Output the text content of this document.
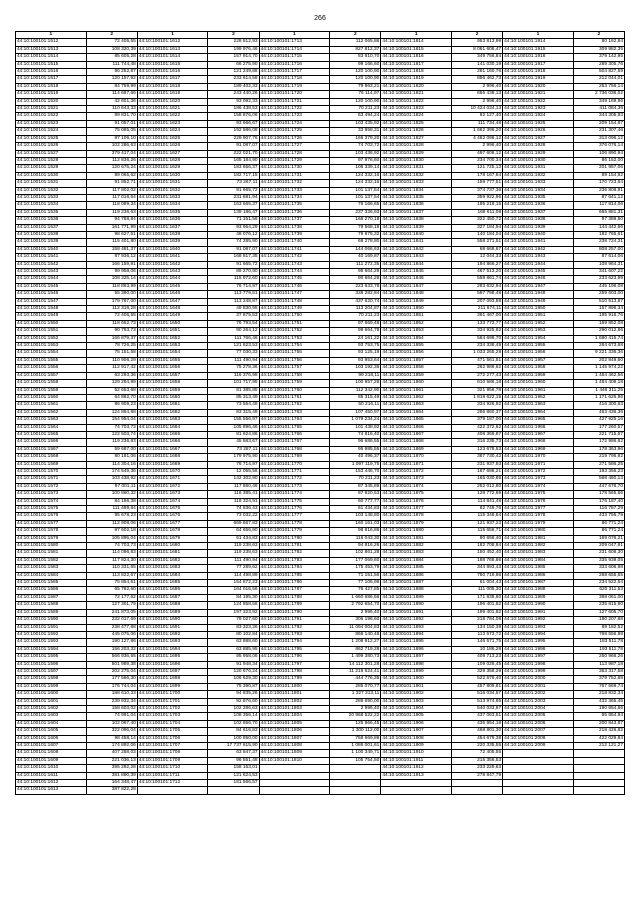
266
1	2	1	2	1	2	1	2	1	2
44:10:100101:1512	72 405,55	44:10:100101:1612	228 812,93	44:10:100101:1713	112 065,86	44:10:100101:1814	953 813,99	44:10:100101:1914	80 162,84
44:10:100101:1513	108 320,39	44:10:100101:1613	199 976,46	44:10:100101:1714	827 812,37	44:10:100101:1815	8 061 606,47	44:10:100101:1915	309 982,35
44:10:100101:1514	85 605,28	44:10:100101:1614	157 914,70	44:10:100101:1715	83 610,70	44:10:100101:1816	349 756,84	44:10:100101:1916	379 142,95
44:10:100101:1515	111 744,48	44:10:100101:1615	66 275,90	44:10:100101:1716	99 166,60	44:10:100101:1817	141 030,19	44:10:100101:1917	289 305,76
44:10:100101:1516	96 252,87	44:10:100101:1616	121 249,88	44:10:100101:1717	120 100,90	44:10:100101:1818	281 160,76	44:10:100101:1918	504 827,59
44:10:100101:1517	120 157,92	44:10:100101:1617	233 614,58	44:10:100101:1718	120 100,90	44:10:100101:1819	856 462,73	44:10:100101:1919	212 044,01
44:10:100101:1518	84 759,99	44:10:100101:1618	189 402,33	44:10:100101:1719	79 863,21	44:10:100101:1820	2 996,40	44:10:100101:1920	253 756,14
44:10:100101:1519	114 687,66	44:10:100101:1619	243 440,26	44:10:100101:1720	76 114,97	44:10:100101:1821	665 439,13	44:10:100101:1921	2 736 036,02
44:10:100101:1520	42 601,36	44:10:100101:1620	93 092,33	44:10:100101:1721	120 100,90	44:10:100101:1822	2 996,40	44:10:100101:1922	349 169,96
44:10:100101:1521	110 643,33	44:10:100101:1621	186 438,53	44:10:100101:1722	70 211,23	44:10:100101:1823	10 424 034,13	44:10:100101:1923	411 084,36
44:10:100101:1522	89 831,70	44:10:100101:1622	158 876,06	44:10:100101:1723	63 494,24	44:10:100101:1824	82 127,40	44:10:100101:1924	344 305,93
44:10:100101:1523	91 057,01	44:10:100101:1623	93 666,67	44:10:100101:1724	103 435,92	44:10:100101:1825	111 734,48	44:10:100101:1925	209 154,87
44:10:100101:1524	75 085,05	44:10:100101:1624	192 586,08	44:10:100101:1725	33 958,31	44:10:100101:1826	1 662 396,20	44:10:100101:1926	231 307,46
44:10:100101:1525	97 106,10	44:10:100101:1625	229 907,76	44:10:100101:1726	166 379,20	44:10:100101:1827	4 462 096,12	44:10:100101:1927	313 096,12
44:10:100101:1526	102 286,63	44:10:100101:1626	91 087,07	44:10:100101:1727	74 703,72	44:10:100101:1828	2 996,40	44:10:100101:1928	376 076,14
44:10:100101:1527	379 417,04	44:10:100101:1627	222 021,70	44:10:100101:1728	103 436,92	44:10:100101:1829	497 606,12	44:10:100101:1929	106 890,94
44:10:100101:1528	112 836,26	44:10:100101:1628	165 184,90	44:10:100101:1729	97 976,60	44:10:100101:1830	234 700,34	44:10:100101:1930	86 152,00
44:10:100101:1529	120 675,24	44:10:100101:1629	183 656,37	44:10:100101:1730	106 339,14	44:10:100101:1831	121 725,13	44:10:100101:1931	201 957,06
44:10:100101:1530	89 065,62	44:10:100101:1630	182 717,15	44:10:100101:1731	124 332,16	44:10:100101:1832	178 167,84	44:10:100101:1932	89 154,92
44:10:100101:1531	91 852,71	44:10:100101:1631	73 267,11	44:10:100101:1732	124 332,16	44:10:100101:1833	159 777,51	44:10:100101:1933	170 723,64
44:10:100101:1532	117 802,02	44:10:100101:1632	91 665,72	44:10:100101:1733	101 137,54	44:10:100101:1834	374 737,36	44:10:100101:1934	236 808,91
44:10:100101:1533	117 016,54	44:10:100101:1633	231 681,94	44:10:100101:1734	101 137,54	44:10:100101:1835	359 922,96	44:10:100101:1935	87 641,12
44:10:100101:1534	118 089,34	44:10:100101:1634	163 665,37	44:10:100101:1735	76 166,65	44:10:100101:1836	195 218,15	44:10:100101:1936	117 814,06
44:10:100101:1535	119 236,63	44:10:100101:1635	139 186,47	44:10:100101:1736	237 336,93	44:10:100101:1837	168 611,08	44:10:100101:1937	665 881,31
44:10:100101:1536	94 788,84	44:10:100101:1636	71 151,56	44:10:100101:1737	166 270,18	44:10:100101:1838	322 450,72	44:10:100101:1938	97 389,50
44:10:100101:1537	161 771,99	44:10:100101:1637	93 954,29	44:10:100101:1738	79 568,19	44:10:100101:1839	327 184,94	44:10:100101:1939	144 442,66
44:10:100101:1538	98 627,51	44:10:100101:1638	48 076,12	44:10:100101:1739	79 875,32	44:10:100101:1840	140 184,04	44:10:100101:1940	182 765,61
44:10:100101:1539	115 401,80	44:10:100101:1639	74 285,90	44:10:100101:1740	68 278,80	44:10:100101:1841	558 271,51	44:10:100101:1941	238 724,31
44:10:100101:1540	158 481,37	44:10:100101:1640	91 087,07	44:10:100101:1741	144 066,63	44:10:100101:1842	68 668,67	44:10:100101:1942	808 257,00
44:10:100101:1541	87 936,12	44:10:100101:1641	168 817,35	44:10:100101:1742	40 169,87	44:10:100101:1843	12 044,33	44:10:100101:1943	87 614,06
44:10:100101:1542	166 159,91	44:10:100101:1642	91 665,72	44:10:100101:1743	111 272,35	44:10:100101:1844	194 866,27	44:10:100101:1944	108 964,31
44:10:100101:1543	99 958,06	44:10:100101:1643	89 270,90	44:10:100101:1744	95 664,29	44:10:100101:1845	467 513,20	44:10:100101:1945	341 607,22
44:10:100101:1544	108 325,14	44:10:100101:1644	115 972,60	44:10:100101:1745	90 664,29	44:10:100101:1846	558 861,74	44:10:100101:1946	233 623,99
44:10:100101:1545	118 863,99	44:10:100101:1645	76 714,97	44:10:100101:1746	223 633,78	44:10:100101:1847	283 632,94	44:10:100101:1947	445 196,08
44:10:100101:1546	55 390,00	44:10:100101:1646	113 779,51	44:10:100101:1747	338 282,84	44:10:100101:1848	597 798,48	44:10:100101:1948	259 603,00
44:10:100101:1547	179 767,00	44:10:100101:1647	113 248,87	44:10:100101:1748	437 620,74	44:10:100101:1849	207 093,88	44:10:100101:1949	510 513,87
44:10:100101:1548	112 316,28	44:10:100101:1648	49 830,95	44:10:100101:1749	113 204,87	44:10:100101:1850	211 674,11	44:10:100101:1950	157 896,34
44:10:100101:1549	72 406,55	44:10:100101:1649	37 875,53	44:10:100101:1750	70 211,23	44:10:100101:1851	361 467,00	44:10:100101:1951	195 916,76
44:10:100101:1550	118 652,73	44:10:100101:1650	76 793,54	44:10:100101:1751	97 669,48	44:10:100101:1852	133 773,77	44:10:100101:1952	169 852,08
44:10:100101:1551	90 793,73	44:10:100101:1651	90 264,12	44:10:100101:1752	99 664,79	44:10:100101:1853	334 925,92	44:10:100101:1953	290 012,86
44:10:100101:1552	166 879,37	44:10:100101:1652	111 766,46	44:10:100101:1753	24 161,22	44:10:100101:1854	584 698,70	44:10:100101:1954	1 680 415,74
44:10:100101:1553	78 726,25	44:10:100101:1653	121 623,53	44:10:100101:1754	93 753,75	44:10:100101:1855	234 338,49	44:10:100101:1955	264 673,68
44:10:100101:1554	75 151,58	44:10:100101:1654	77 030,33	44:10:100101:1755	93 125,19	44:10:100101:1856	1 033 265,28	44:10:100101:1956	9 221 336,36
44:10:100101:1555	110 906,29	44:10:100101:1655	111 490,94	44:10:100101:1756	93 953,64	44:10:100101:1857	471 561,51	44:10:100101:1957	202 849,60
44:10:100101:1556	112 917,42	44:10:100101:1656	75 278,36	44:10:100101:1757	103 192,36	44:10:100101:1858	262 989,62	44:10:100101:1958	1 145 974,22
44:10:100101:1557	63 293,36	44:10:100101:1657	116 376,98	44:10:100101:1758	99 218,11	44:10:100101:1859	272 277,43	44:10:100101:1959	1 464 462,56
44:10:100101:1558	129 294,89	44:10:100101:1658	101 717,95	44:10:100101:1759	100 857,29	44:10:100101:1860	610 586,18	44:10:100101:1960	1 484 409,18
44:10:100101:1559	52 653,68	44:10:100101:1659	81 385,85	44:10:100101:1760	112 342,90	44:10:100101:1861	321 956,78	44:10:100101:1961	1 446 311,25
44:10:100101:1560	64 882,70	44:10:100101:1660	85 313,49	44:10:100101:1761	85 315,49	44:10:100101:1862	1 818 622,15	44:10:100101:1962	1 171 625,96
44:10:100101:1561	86 909,23	44:10:100101:1661	73 554,49	44:10:100101:1762	50 216,11	44:10:100101:1863	334 926,92	44:10:100101:1963	416 300,63
44:10:100101:1562	124 864,88	44:10:100101:1662	83 315,49	44:10:100101:1763	107 450,97	44:10:100101:1864	286 860,37	44:10:100101:1964	463 436,36
44:10:100101:1563	154 954,04	44:10:100101:1663	155 556,97	44:10:100101:1764	1 079 234,24	44:10:100101:1865	379 187,00	44:10:100101:1965	427 925,16
44:10:100101:1564	74 703,73	44:10:100101:1664	105 896,46	44:10:100101:1765	101 438,92	44:10:100101:1866	422 372,62	44:10:100101:1966	177 260,57
44:10:100101:1565	122 503,74	44:10:100101:1665	81 624,86	44:10:100101:1766	74 816,40	44:10:100101:1867	408 366,87	44:10:100101:1967	221 715,57
44:10:100101:1566	119 236,83	44:10:100101:1666	45 583,67	44:10:100101:1767	96 686,55	44:10:100101:1868	316 235,73	44:10:100101:1968	172 986,62
44:10:100101:1567	59 687,00	44:10:100101:1667	73 287,11	44:10:100101:1768	95 985,55	44:10:100101:1869	123 678,53	44:10:100101:1969	178 363,96
44:10:100101:1568	80 181,06	44:10:100101:1668	179 975,90	44:10:100101:1769	40 496,37	44:10:100101:1870	387 730,42	44:10:100101:1970	219 796,92
44:10:100101:1569	114 304,16	44:10:100101:1669	76 714,97	44:10:100101:1770	1 097 119,75	44:10:100101:1871	231 937,93	44:10:100101:1971	271 586,25
44:10:100101:1570	174 549,36	44:10:100101:1670	12 055,56	44:10:100101:1771	153 446,70	44:10:100101:1872	167 698,21	44:10:100101:1972	193 356,23
44:10:100101:1571	103 438,92	44:10:100101:1671	142 302,90	44:10:100101:1772	70 211,23	44:10:100101:1873	165 030,85	44:10:100101:1973	568 460,13
44:10:100101:1572	97 001,11	44:10:100101:1672	117 860,46	44:10:100101:1773	87 345,89	44:10:100101:1874	252 012,80	44:10:100101:1974	447 676,70
44:10:100101:1573	100 860,32	44:10:100101:1673	116 385,41	44:10:100101:1774	87 920,53	44:10:100101:1875	128 772,69	44:10:100101:1975	178 565,66
44:10:100101:1574	84 186,38	44:10:100101:1674	118 324,91	44:10:100101:1775	60 777,77	44:10:100101:1876	114 841,48	44:10:100101:1976	176 187,40
44:10:100101:1575	111 499,84	44:10:100101:1675	74 836,43	44:10:100101:1776	61 434,83	44:10:100101:1877	82 749,76	44:10:100101:1977	116 757,29
44:10:100101:1576	95 678,23	44:10:100101:1676	73 032,22	44:10:100101:1777	103 148,80	44:10:100101:1878	115 348,84	44:10:100101:1978	433 755,79
44:10:100101:1577	112 908,06	44:10:100101:1677	669 667,83	44:10:100101:1778	160 161,03	44:10:100101:1879	121 937,23	44:10:100101:1979	86 771,24
44:10:100101:1578	97 602,18	44:10:100101:1678	64 656,90	44:10:100101:1779	98 816,86	44:10:100101:1880	115 656,71	44:10:100101:1980	86 771,24
44:10:100101:1579	105 895,04	44:10:100101:1679	61 434,83	44:10:100101:1780	116 043,30	44:10:100101:1881	90 658,40	44:10:100101:1981	169 076,21
44:10:100101:1580	74 703,73	44:10:100101:1680	119 238,63	44:10:100101:1781	94 816,26	44:10:100101:1882	182 708,84	44:10:100101:1982	209 047,91
44:10:100101:1581	114 096,83	44:10:100101:1681	119 238,63	44:10:100101:1782	102 861,28	44:10:100101:1883	150 452,40	44:10:100101:1983	231 608,30
44:10:100101:1582	117 824,30	44:10:100101:1682	111 490,94	44:10:100101:1783	177 069,60	44:10:100101:1884	188 768,86	44:10:100101:1984	335 939,05
44:10:100101:1583	110 331,65	44:10:100101:1683	77 289,62	44:10:100101:1784	175 453,79	44:10:100101:1885	344 893,43	44:10:100101:1985	333 606,98
44:10:100101:1584	113 822,67	44:10:100101:1684	114 498,89	44:10:100101:1785	71 151,56	44:10:100101:1886	780 719,86	44:10:100101:1986	268 655,65
44:10:100101:1585	75 854,51	44:10:100101:1685	154 872,23	44:10:100101:1786	77 106,98	44:10:100101:1887	61 004,43	44:10:100101:1987	234 522,54
44:10:100101:1586	65 782,60	44:10:100101:1686	164 016,56	44:10:100101:1787	76 427,85	44:10:100101:1888	111 005,30	44:10:100101:1988	620 311,53
44:10:100101:1587	72 177,52	44:10:100101:1687	84 195,30	44:10:100101:1788	1 660 686,56	44:10:100101:1889	171 838,60	44:10:100101:1989	368 061,00
44:10:100101:1588	127 301,79	44:10:100101:1688	124 858,56	44:10:100101:1789	2 792 654,70	44:10:100101:1890	196 401,82	44:10:100101:1990	235 815,90
44:10:100101:1589	241 873,05	44:10:100101:1689	197 323,92	44:10:100101:1790	2 996,40	44:10:100101:1891	199 401,82	44:10:100101:1991	127 605,70
44:10:100101:1590	232 017,69	44:10:100101:1690	78 027,60	44:10:100101:1791	306 196,60	44:10:100101:1892	218 784,08	44:10:100101:1992	190 207,88
44:10:100101:1591	238 477,88	44:10:100101:1691	83 323,36	44:10:100101:1792	11 094 004,83	44:10:100101:1893	134 150,39	44:10:100101:1993	89 182,52
44:10:100101:1592	445 075,06	44:10:100101:1692	80 102,84	44:10:100101:1793	866 140,48	44:10:100101:1894	113 573,72	44:10:100101:1994	768 556,98
44:10:100101:1593	190 127,86	44:10:100101:1693	63 888,60	44:10:100101:1794	1 208 912,27	44:10:100101:1895	146 571,75	44:10:100101:1995	183 511,78
44:10:100101:1594	156 203,32	44:10:100101:1694	63 885,95	44:10:100101:1795	862 719,28	44:10:100101:1896	10 186,28	44:10:100101:1996	193 511,78
44:10:100101:1595	566 936,55	44:10:100101:1695	95 958,06	44:10:100101:1796	1 499 380,73	44:10:100101:1897	409 713,23	44:10:100101:1997	250 966,26
44:10:100101:1596	501 989,38	44:10:100101:1696	91 948,34	44:10:100101:1797	14 112 301,28	44:10:100101:1898	109 026,45	44:10:100101:1998	113 987,18
44:10:100101:1597	202 275,04	44:10:100101:1697	120 676,24	44:10:100101:1798	11 219 624,41	44:10:100101:1899	329 358,29	44:10:100101:1999	363 317,58
44:10:100101:1598	177 566,30	44:10:100101:1698	106 629,30	44:10:100101:1799	444 776,35	44:10:100101:1900	522 676,40	44:10:100101:2000	379 752,88
44:10:100101:1599	176 744,04	44:10:100101:1699	75 390,87	44:10:100101:1800	285 070,77	44:10:100101:1901	457 809,81	44:10:100101:2001	767 669,74
44:10:100101:1600	188 610,33	44:10:100101:1700	94 835,26	44:10:100101:1801	1 327 313,11	44:10:100101:1902	516 034,57	44:10:100101:2002	218 832,34
44:10:100101:1601	239 932,34	44:10:100101:1701	92 876,60	44:10:100101:1802	286 690,00	44:10:100101:1903	513 974,65	44:10:100101:2003	432 365,45
44:10:100101:1602	158 603,02	44:10:100101:1702	102 286,63	44:10:100101:1803	2 996,40	44:10:100101:1904	540 033,67	44:10:100101:2004	190 654,66
44:10:100101:1603	74 991,04	44:10:100101:1703	108 356,14	44:10:100101:1804	20 968 522,22	44:10:100101:1905	437 063,51	44:10:100101:2005	95 864,94
44:10:100101:1604	102 067,40	44:10:100101:1704	102 856,70	44:10:100101:1805	125 866,45	44:10:100101:1906	436 954,18	44:10:100101:2006	200 843,87
44:10:100101:1605	322 096,04	44:10:100101:1705	84 616,83	44:10:100101:1806	1 300 112,00	44:10:100101:1907	468 801,30	44:10:100101:2007	218 426,82
44:10:100101:1606	98 458,14	44:10:100101:1706	100 850,00	44:10:100101:1807	758 669,89	44:10:100101:1908	454 679,38	44:10:100101:2008	422 029,84
44:10:100101:1607	174 892,06	44:10:100101:1707	17 737 615,90	44:10:100101:1808	1 086 001,61	44:10:100101:1909	220 335,55	44:10:100101:2009	212 121,27
44:10:100101:1608	407 258,03	44:10:100101:1708	63 847,37	44:10:100101:1809	1 100 349,71	44:10:100101:1910	72 405,55		
44:10:100101:1609	221 036,13	44:10:100101:1709	96 551,48	44:10:100101:1810	105 754,50	44:10:100101:1911	215 356,53		
44:10:100101:1610	395 292,28	44:10:100101:1710	158 153,01			44:10:100101:1912	233 229,63		
44:10:100101:1611	381 890,39	44:10:100101:1711	121 624,53			44:10:100101:1913	278 847,79		
44:10:100101:1612	164 348,47	44:10:100101:1712	181 566,57						
44:10:100101:1613	387 822,28								
